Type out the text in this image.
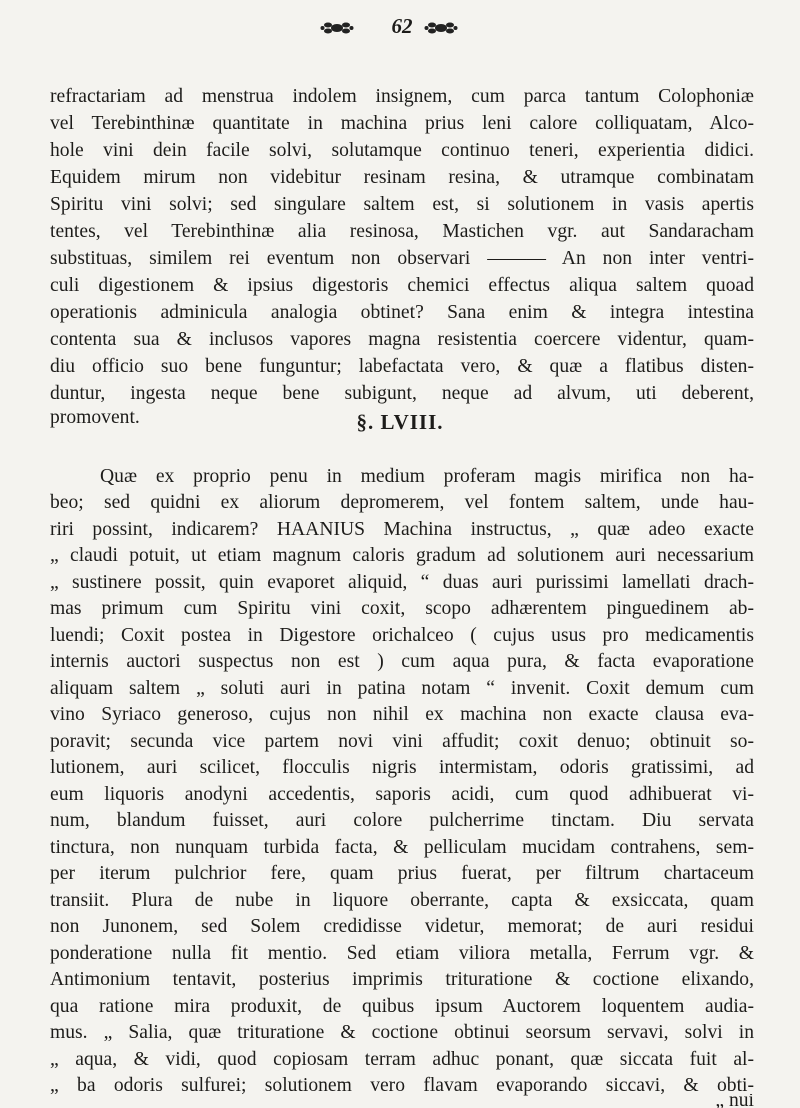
62
refractariam ad menstrua indolem insignem, cum parca tantum Colophoniæ
vel Terebinthinæ quantitate in machina prius leni calore colliquatam, Alco-
hole vini dein facile solvi, solutamque continuo teneri, experientia didici.
Equidem mirum non videbitur resinam resina, & utramque combinatam
Spiritu vini solvi; sed singulare saltem est, si solutionem in vasis apertis
tentes, vel Terebinthinæ alia resinosa, Mastichen vgr. aut Sandaracham
substituas, similem rei eventum non observari ——— An non inter ventri-
culi digestionem & ipsius digestoris chemici effectus aliqua saltem quoad
operationis adminicula analogia obtinet? Sana enim & integra intestina
contenta sua & inclusos vapores magna resistentia coercere videntur, quam-
diu officio suo bene funguntur; labefactata vero, & quæ a flatibus disten-
duntur, ingesta neque bene subigunt, neque ad alvum, uti deberent,
promovent.	§. LVIII.
Quæ ex proprio penu in medium proferam magis mirifica non ha-
beo; sed quidni ex aliorum depromerem, vel fontem saltem, unde hau-
riri possint, indicarem? HAANIUS Machina instructus, „ quæ adeo exacte
„ claudi potuit, ut etiam magnum caloris gradum ad solutionem auri necessarium
„ sustinere possit, quin evaporet aliquid, “ duas auri purissimi lamellati drach-
mas primum cum Spiritu vini coxit, scopo adhærentem pinguedinem ab-
luendi; Coxit postea in Digestore orichalceo ( cujus usus pro medicamentis
internis auctori suspectus non est ) cum aqua pura, & facta evaporatione
aliquam saltem „ soluti auri in patina notam “ invenit. Coxit demum cum
vino Syriaco generoso, cujus non nihil ex machina non exacte clausa eva-
poravit; secunda vice partem novi vini affudit; coxit denuo; obtinuit so-
lutionem, auri scilicet, flocculis nigris intermistam, odoris gratissimi, ad
eum liquoris anodyni accedentis, saporis acidi, cum quod adhibuerat vi-
num, blandum fuisset, auri colore pulcherrime tinctam. Diu servata
tinctura, non nunquam turbida facta, & pelliculam mucidam contrahens, sem-
per iterum pulchrior fere, quam prius fuerat, per filtrum chartaceum
transiit. Plura de nube in liquore oberrante, capta & exsiccata, quam
non Junonem, sed Solem credidisse videtur, memorat; de auri residui
ponderatione nulla fit mentio. Sed etiam viliora metalla, Ferrum vgr. &
Antimonium tentavit, posterius imprimis trituratione & coctione elixando,
qua ratione mira produxit, de quibus ipsum Auctorem loquentem audia-
mus. „ Salia, quæ trituratione & coctione obtinui seorsum servavi, solvi in
„ aqua, & vidi, quod copiosam terram adhuc ponant, quæ siccata fuit al-
„ ba odoris sulfurei; solutionem vero flavam evaporando siccavi, & obti-
„ nui
